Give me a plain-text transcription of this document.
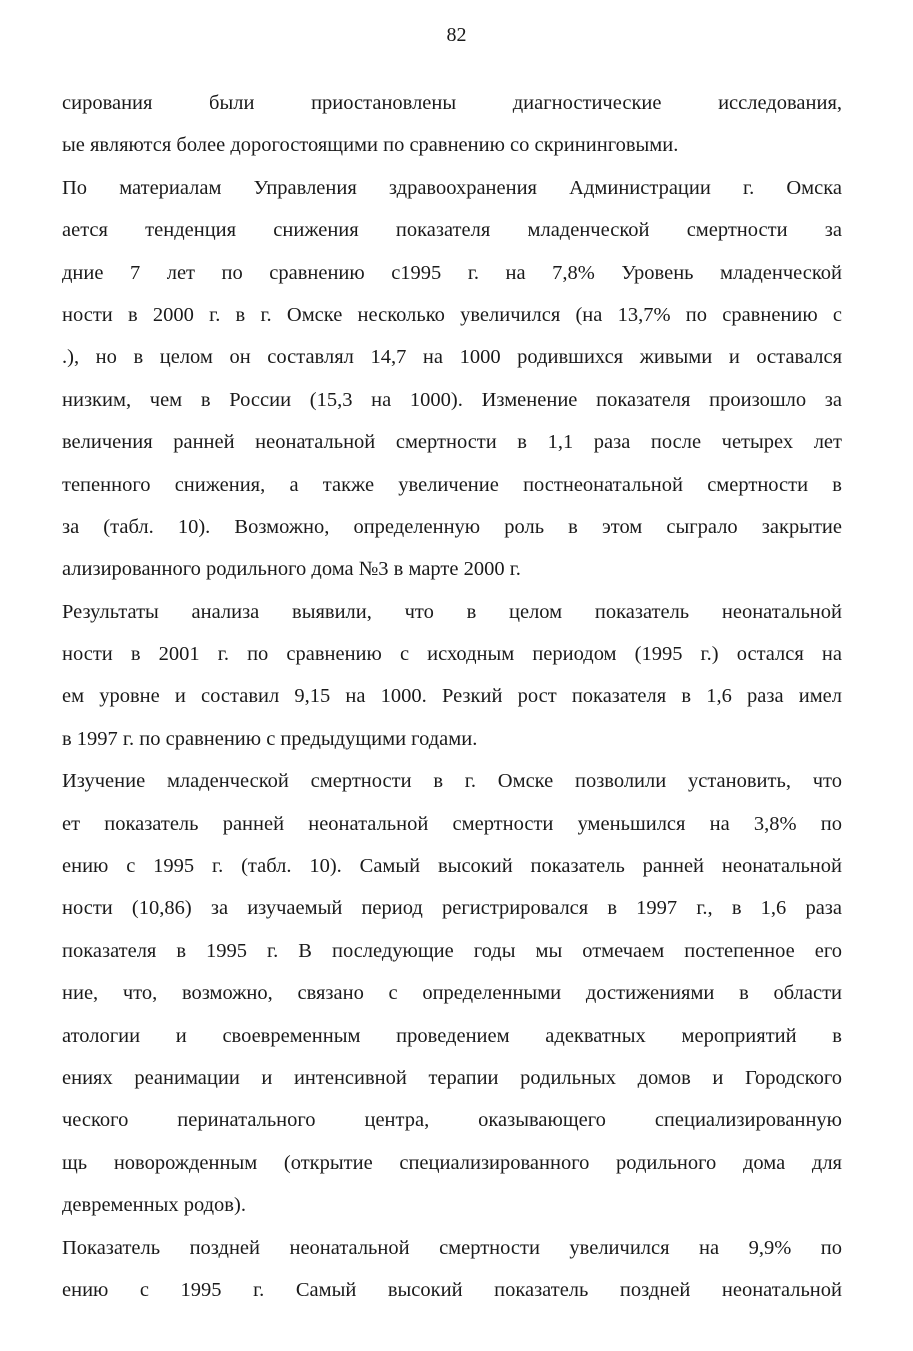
82
сирования были приостановлены диагностические исследования,
ые являются более дорогостоящими по сравнению со скрининговыми.
По материалам Управления здравоохранения Администрации г. Омска
ается тенденция снижения показателя младенческой смертности за
дние 7 лет по сравнению с1995 г. на 7,8% Уровень младенческой
ности в 2000 г. в г. Омске несколько увеличился (на 13,7% по сравнению с
.), но в целом он составлял 14,7 на 1000 родившихся живыми и оставался
низким, чем в России (15,3 на 1000). Изменение показателя произошло за
величения ранней неонатальной смертности в 1,1 раза после четырех лет
тепенного снижения, а также увеличение постнеонатальной смертности в
за (табл. 10). Возможно, определенную роль в этом сыграло закрытие
ализированного родильного дома №3 в марте 2000 г.
Результаты анализа выявили, что в целом показатель неонатальной
ности в 2001 г. по сравнению с исходным периодом (1995 г.) остался на
ем уровне и составил 9,15 на 1000. Резкий рост показателя в 1,6 раза имел
в 1997 г. по сравнению с предыдущими годами.
Изучение младенческой смертности в г. Омске позволили установить, что
ет показатель ранней неонатальной смертности уменьшился на 3,8% по
ению с 1995 г. (табл. 10). Самый высокий показатель ранней неонатальной
ности (10,86) за изучаемый период регистрировался в 1997 г., в 1,6 раза
показателя в 1995 г. В последующие годы мы отмечаем постепенное его
ние, что, возможно, связано с определенными достижениями в области
атологии и своевременным проведением адекватных мероприятий в
ениях реанимации и интенсивной терапии родильных домов и Городского
ческого перинатального центра, оказывающего специализированную
щь новорожденным (открытие специализированного родильного дома для
девременных родов).
Показатель поздней неонатальной смертности увеличился на 9,9% по
ению с 1995 г. Самый высокий показатель поздней неонатальной
